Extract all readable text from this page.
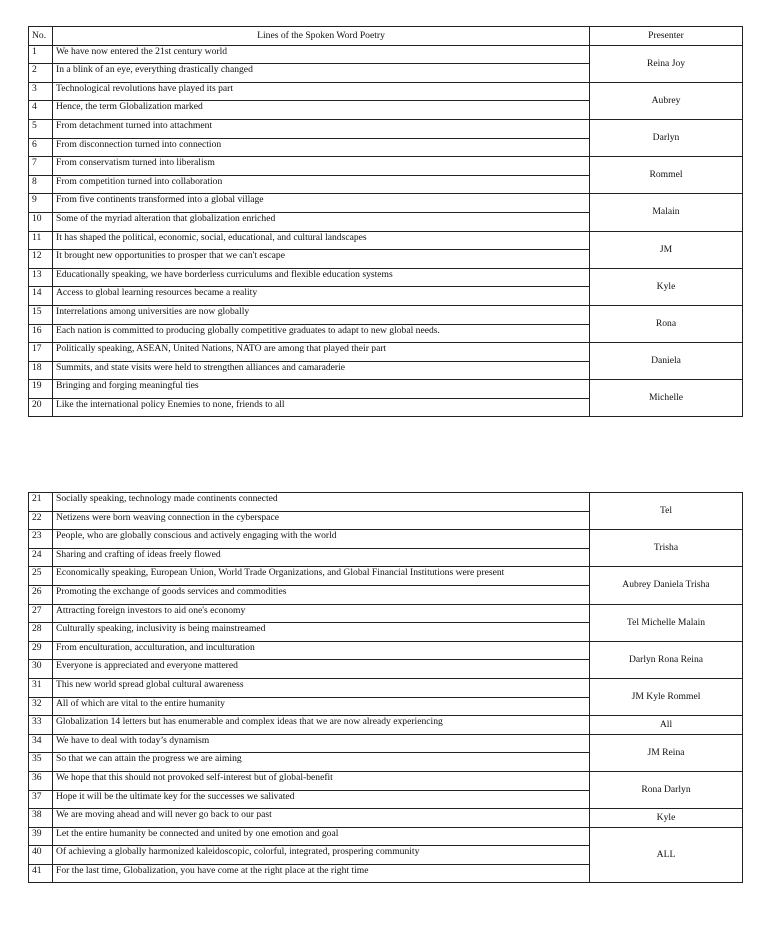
No.	Lines of the Spoken Word Poetry	Presenter
1	We have now entered the 21st century world	Reina Joy
2	In a blink of an eye, everything drastically changed	
3	Technological revolutions have played its part	Aubrey
4	Hence, the term Globalization marked	
5	From detachment turned into attachment	Darlyn
6	From disconnection turned into connection	
7	From conservatism turned into liberalism	Rommel
8	From competition turned into collaboration	
9	From five continents transformed into a global village	Malain
10	Some of the myriad alteration that globalization enriched	
11	It has shaped the political, economic, social, educational, and cultural landscapes	JM
12	It brought new opportunities to prosper that we can't escape	
13	Educationally speaking, we have borderless curriculums and flexible education systems	Kyle
14	Access to global learning resources became a reality	
15	Interrelations among universities are now globally	Rona
16	Each nation is committed to producing globally competitive graduates to adapt to new global needs.	
17	Politically speaking, ASEAN, United Nations, NATO are among that played their part	Daniela
18	Summits, and state visits were held to strengthen alliances and camaraderie	
19	Bringing and forging meaningful ties	Michelle
20	Like the international policy Enemies to none, friends to all	
21	Socially speaking, technology made continents connected	Tel
22	Netizens were born weaving connection in the cyberspace	
23	People, who are globally conscious and actively engaging with the world	Trisha
24	Sharing and crafting of ideas freely flowed	
25	Economically speaking, European Union, World Trade Organizations, and Global Financial Institutions were present	Aubrey Daniela Trisha
26	Promoting the exchange of goods services and commodities	
27	Attracting foreign investors to aid one's economy	Tel Michelle Malain
28	Culturally speaking, inclusivity is being mainstreamed	
29	From enculturation, acculturation, and inculturation	Darlyn Rona Reina
30	Everyone is appreciated and everyone mattered	
31	This new world spread global cultural awareness	JM Kyle Rommel
32	All of which are vital to the entire humanity	
33	Globalization 14 letters but has enumerable and complex ideas that we are now already experiencing	All
34	We have to deal with today’s dynamism	JM Reina
35	So that we can attain the progress we are aiming	
36	We hope that this should not provoked self-interest but of global-benefit	Rona Darlyn
37	Hope it will be the ultimate key for the successes we salivated	
38	We are moving ahead and will never go back to our past	Kyle
39	Let the entire humanity be connected and united by one emotion and goal	ALL
40	Of achieving a globally harmonized kaleidoscopic, colorful, integrated, prospering community	
41	For the last time, Globalization, you have come at the right place at the right time	
